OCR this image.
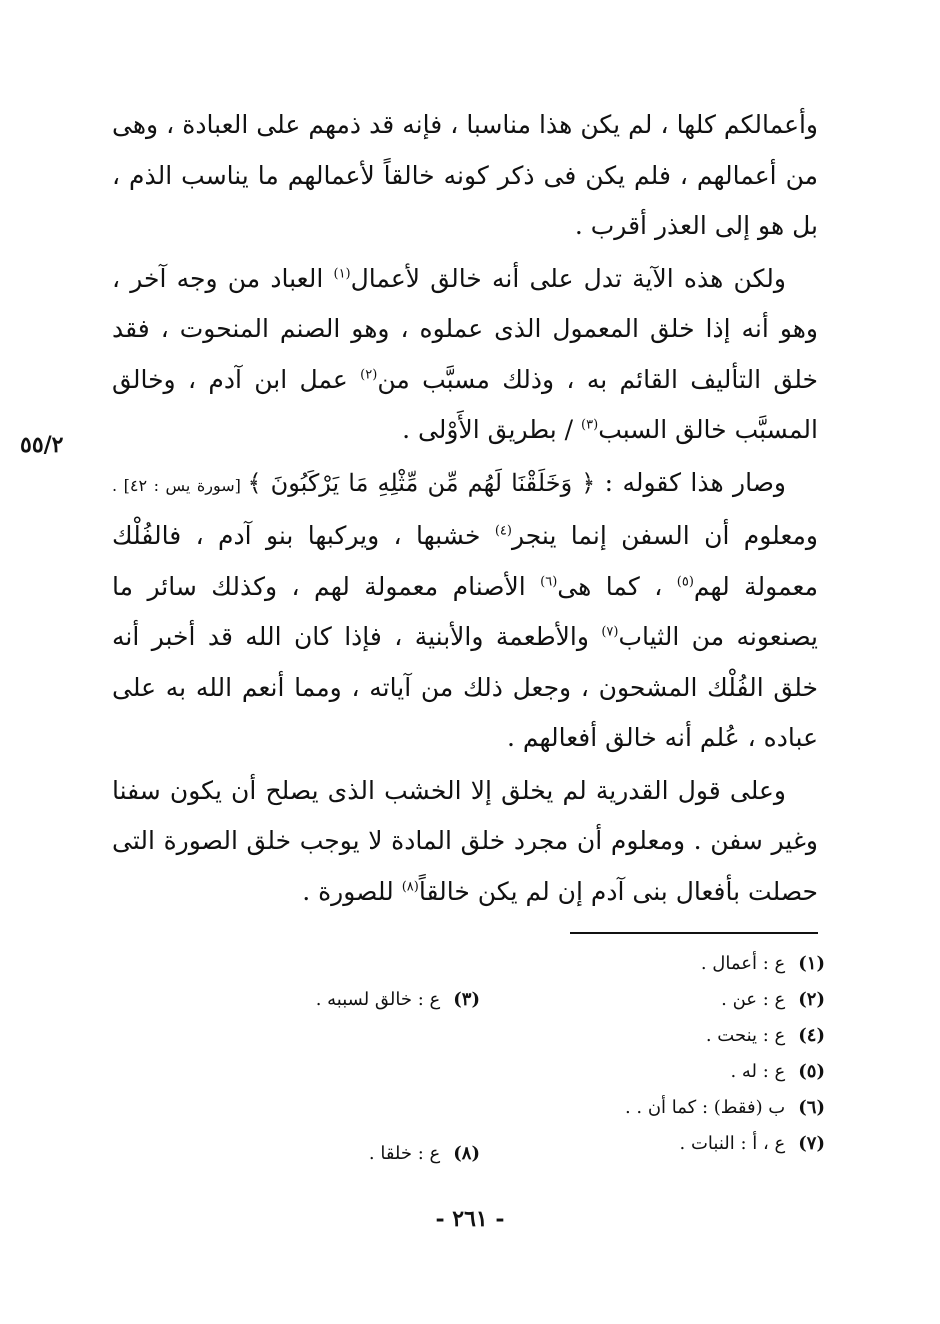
٥٥/٢

وأعمالكم كلها ، لم يكن هذا مناسبا ، فإنه قد ذمهم على العبادة ، وهى من أعمالهم ، فلم يكن فى ذكر كونه خالقاً لأعمالهم ما يناسب الذم ، بل هو إلى العذر أقرب .

ولكن هذه الآية تدل على أنه خالق لأعمال$^{(١)}$ العباد من وجه آخر ، وهو أنه إذا خلق المعمول الذى عملوه ، وهو الصنم المنحوت ، فقد خلق التأليف القائم به ، وذلك مسبَّب من$^{(٢)}$ عمل ابن آدم ، وخالق المسبَّب خالق السبب$^{(٣)}$ / بطريق الأَوْلى .

وصار هذا كقوله : ﴿ وَخَلَقْنَا لَهُم مِّن مِّثْلِهِ مَا يَرْكَبُونَ ﴾ [سورة يس : ٤٢] . ومعلوم أن السفن إنما ينجر$^{(٤)}$ خشبها ، ويركبها بنو آدم ، فالفُلْك معمولة لهم$^{(٥)}$ ، كما هى$^{(٦)}$ الأصنام معمولة لهم ، وكذلك سائر ما يصنعونه من الثياب$^{(٧)}$ والأطعمة والأبنية ، فإذا كان الله قد أخبر أنه خلق الفُلْك المشحون ، وجعل ذلك من آياته ، ومما أنعم الله به على عباده ، عُلم أنه خالق أفعالهم .

وعلى قول القدرية لم يخلق إلا الخشب الذى يصلح أن يكون سفنا وغير سفن . ومعلوم أن مجرد خلق المادة لا يوجب خلق الصورة التى حصلت بأفعال بنى آدم إن لم يكن خالقاً$^{(٨)}$ للصورة .

(١) ع : أعمال .
(٢) ع : عن .
(٤) ع : ينحت .
(٥) ع : له .
(٦) ب (فقط) : كما أن . .
(٧) ع ، أ : النبات .
(٣) ع : خالق لسببه .
(٨) ع : خلقا .
- ٢٦١ -
